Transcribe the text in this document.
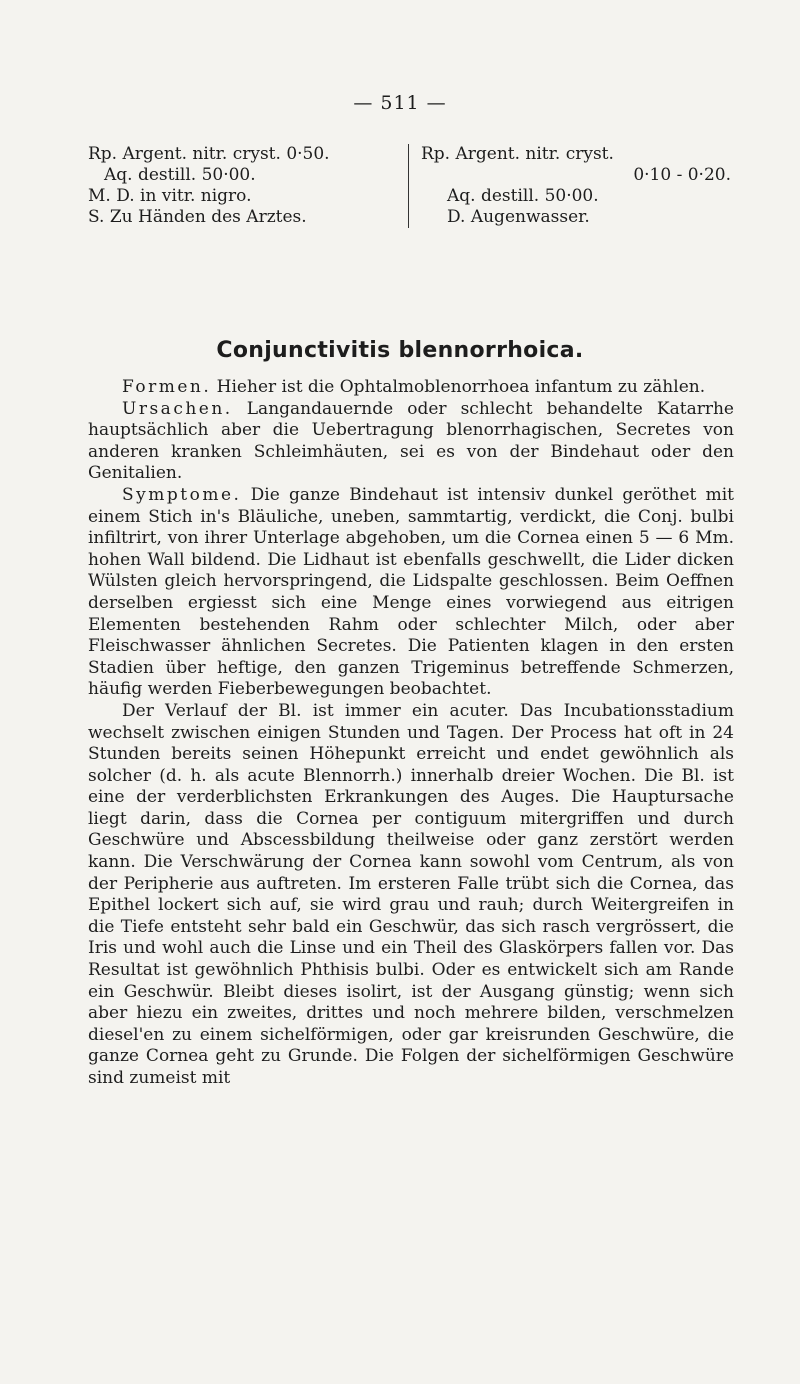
— 511 —
Rp. Argent. nitr. cryst. 0·50.
Aq. destill. 50·00.
M. D. in vitr. nigro.
S. Zu Händen des Arztes.
Rp. Argent. nitr. cryst.
0·10 - 0·20.
Aq. destill. 50·00.
D. Augenwasser.
Conjunctivitis blennorrhoica.

Formen. Hieher ist die Ophtalmoblenorrhoea infantum zu zählen.

Ursachen. Langandauernde oder schlecht behandelte Katarrhe hauptsächlich aber die Uebertragung blenorrhagischen, Secretes von anderen kranken Schleimhäuten, sei es von der Bindehaut oder den Genitalien.

Symptome. Die ganze Bindehaut ist intensiv dunkel geröthet mit einem Stich in's Bläuliche, uneben, sammtartig, verdickt, die Conj. bulbi infiltrirt, von ihrer Unterlage abgehoben, um die Cornea einen 5 — 6 Mm. hohen Wall bildend. Die Lidhaut ist ebenfalls geschwellt, die Lider dicken Wülsten gleich hervorspringend, die Lidspalte geschlossen. Beim Oeffnen derselben ergiesst sich eine Menge eines vorwiegend aus eitrigen Elementen bestehenden Rahm oder schlechter Milch, oder aber Fleischwasser ähnlichen Secretes. Die Patienten klagen in den ersten Stadien über heftige, den ganzen Trigeminus betreffende Schmerzen, häufig werden Fieberbewegungen beobachtet.

Der Verlauf der Bl. ist immer ein acuter. Das Incubationsstadium wechselt zwischen einigen Stunden und Tagen. Der Process hat oft in 24 Stunden bereits seinen Höhepunkt erreicht und endet gewöhnlich als solcher (d. h. als acute Blennorrh.) innerhalb dreier Wochen. Die Bl. ist eine der verderblichsten Erkrankungen des Auges. Die Hauptursache liegt darin, dass die Cornea per contiguum mitergriffen und durch Geschwüre und Abscessbildung theilweise oder ganz zerstört werden kann. Die Verschwärung der Cornea kann sowohl vom Centrum, als von der Peripherie aus auftreten. Im ersteren Falle trübt sich die Cornea, das Epithel lockert sich auf, sie wird grau und rauh; durch Weitergreifen in die Tiefe entsteht sehr bald ein Geschwür, das sich rasch vergrössert, die Iris und wohl auch die Linse und ein Theil des Glaskörpers fallen vor. Das Resultat ist gewöhnlich Phthisis bulbi. Oder es entwickelt sich am Rande ein Geschwür. Bleibt dieses isolirt, ist der Ausgang günstig; wenn sich aber hiezu ein zweites, drittes und noch mehrere bilden, verschmelzen diesel'en zu einem sichelförmigen, oder gar kreisrunden Geschwüre, die ganze Cornea geht zu Grunde. Die Folgen der sichelförmigen Geschwüre sind zumeist mit
